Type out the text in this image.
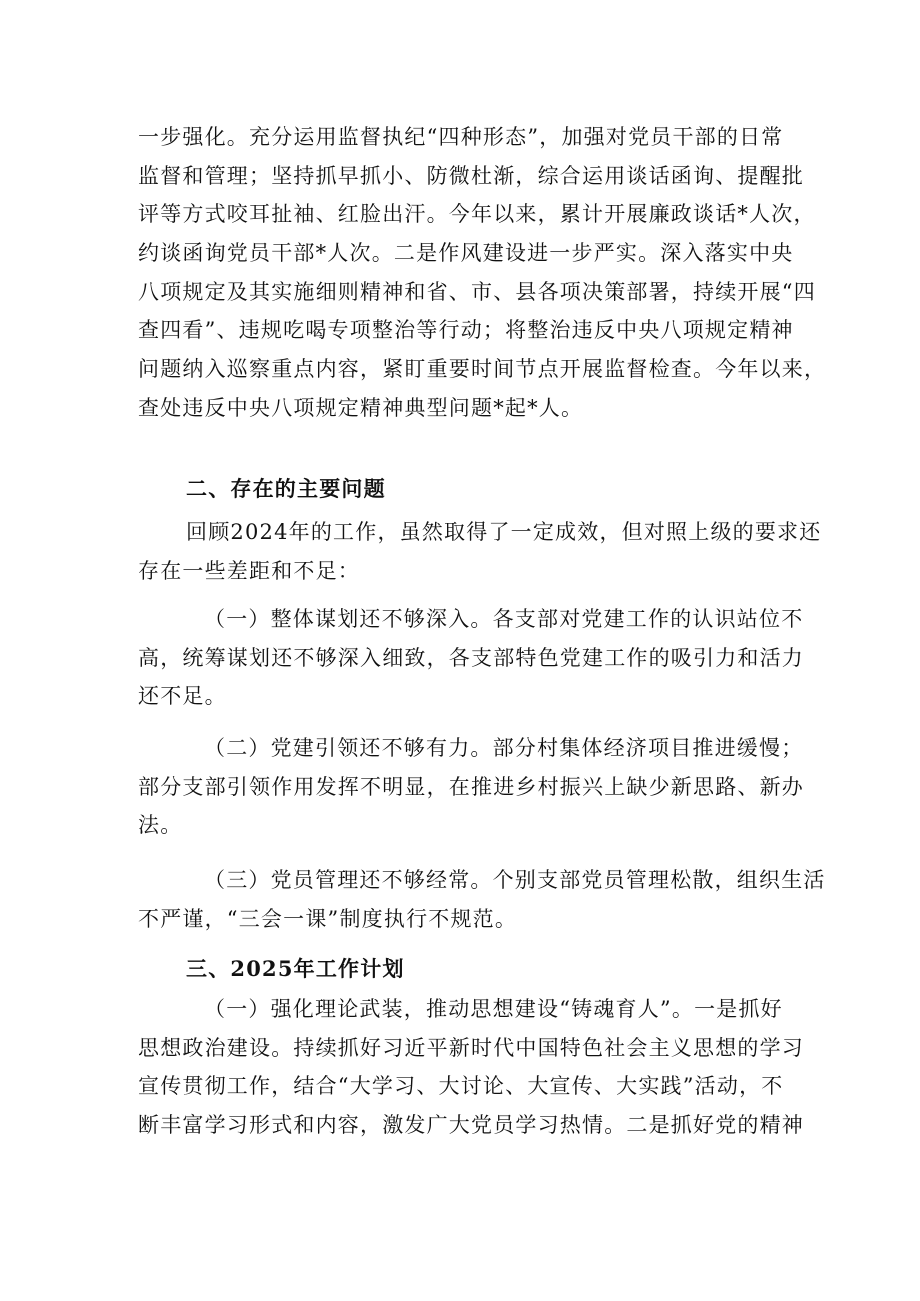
一步强化。充分运用监督执纪“四种形态”，加强对党员干部的日常
监督和管理；坚持抓早抓小、防微杜渐，综合运用谈话函询、提醒批
评等方式咬耳扯袖、红脸出汗。今年以来，累计开展廉政谈话*人次，
约谈函询党员干部*人次。二是作风建设进一步严实。深入落实中央
八项规定及其实施细则精神和省、市、县各项决策部署，持续开展“四
查四看”、违规吃喝专项整治等行动；将整治违反中央八项规定精神
问题纳入巡察重点内容，紧盯重要时间节点开展监督检查。今年以来，
查处违反中央八项规定精神典型问题*起*人。
二、存在的主要问题
回顾2024年的工作，虽然取得了一定成效，但对照上级的要求还
存在一些差距和不足：
（一）整体谋划还不够深入。各支部对党建工作的认识站位不
高，统筹谋划还不够深入细致，各支部特色党建工作的吸引力和活力
还不足。
（二）党建引领还不够有力。部分村集体经济项目推进缓慢；
部分支部引领作用发挥不明显，在推进乡村振兴上缺少新思路、新办
法。
（三）党员管理还不够经常。个别支部党员管理松散，组织生活
不严谨，“三会一课”制度执行不规范。
三、2025年工作计划
（一）强化理论武装，推动思想建设“铸魂育人”。一是抓好
思想政治建设。持续抓好习近平新时代中国特色社会主义思想的学习
宣传贯彻工作，结合“大学习、大讨论、大宣传、大实践”活动，不
断丰富学习形式和内容，激发广大党员学习热情。二是抓好党的精神
